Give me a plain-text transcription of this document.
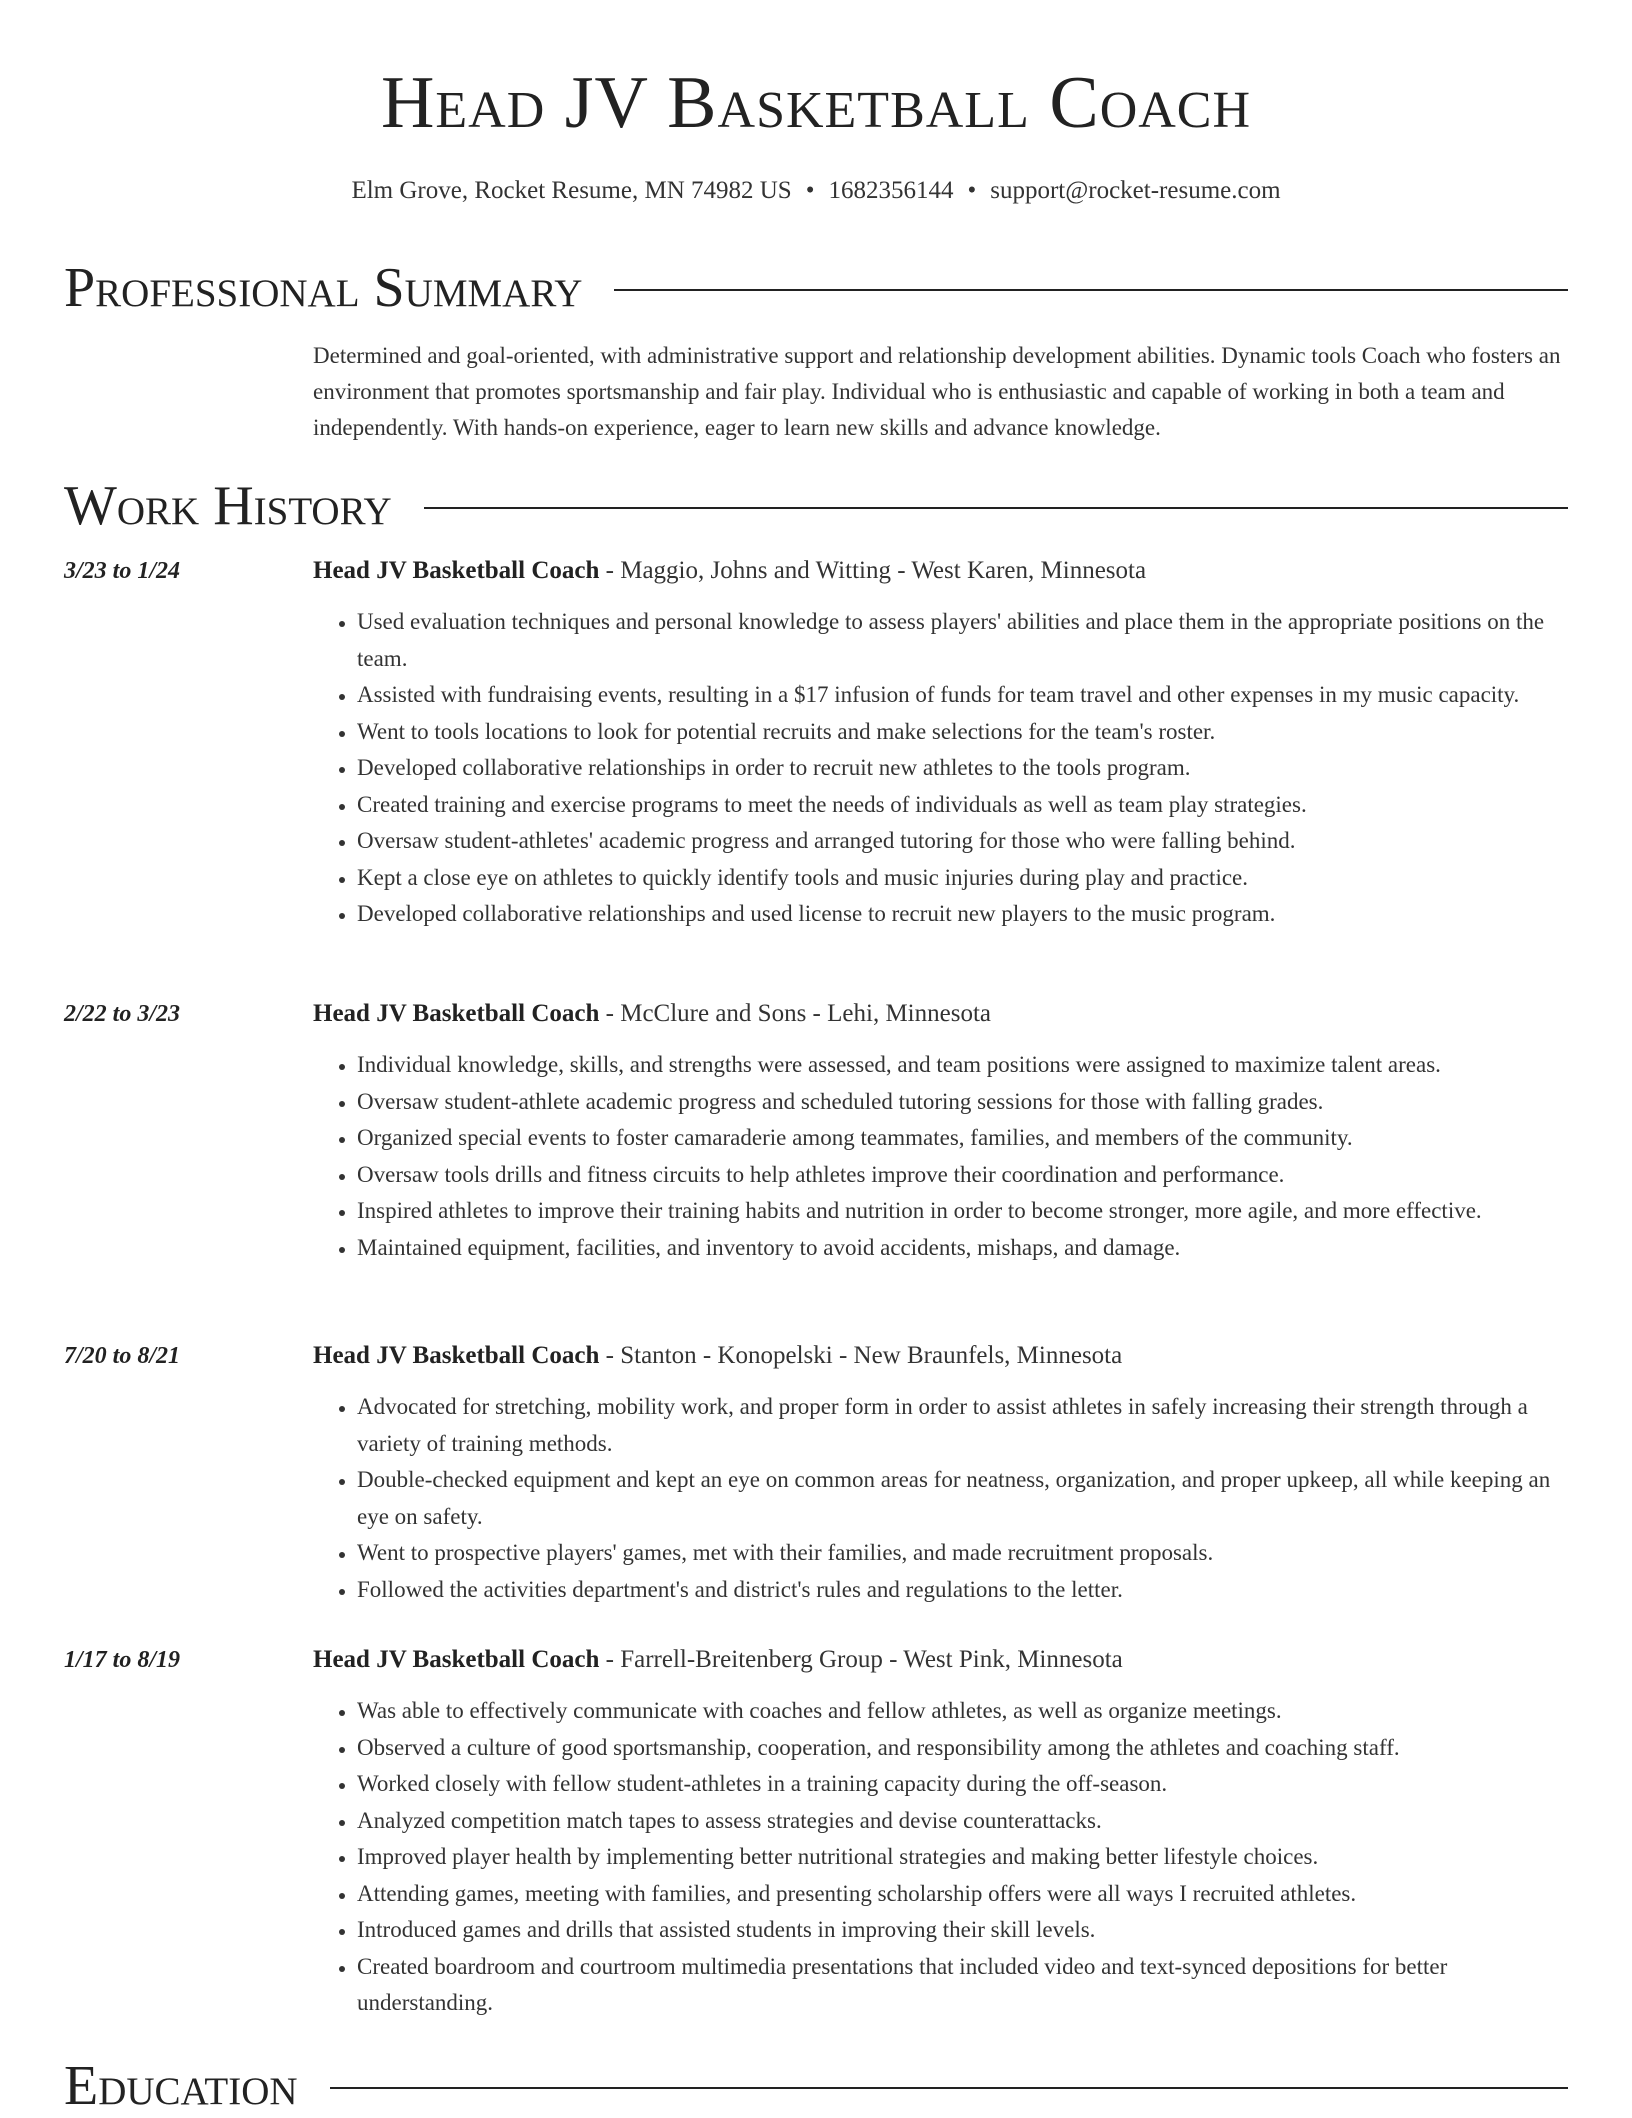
Head JV Basketball Coach
Elm Grove, Rocket Resume, MN 74982 US • 1682356144 • support@rocket-resume.com
Professional Summary
Determined and goal-oriented, with administrative support and relationship development abilities. Dynamic tools Coach who fosters an environment that promotes sportsmanship and fair play. Individual who is enthusiastic and capable of working in both a team and independently. With hands-on experience, eager to learn new skills and advance knowledge.
Work History
3/23 to 1/24	Head JV Basketball Coach - Maggio, Johns and Witting - West Karen, Minnesota
• Used evaluation techniques and personal knowledge to assess players' abilities and place them in the appropriate positions on the team.
• Assisted with fundraising events, resulting in a $17 infusion of funds for team travel and other expenses in my music capacity.
• Went to tools locations to look for potential recruits and make selections for the team's roster.
• Developed collaborative relationships in order to recruit new athletes to the tools program.
• Created training and exercise programs to meet the needs of individuals as well as team play strategies.
• Oversaw student-athletes' academic progress and arranged tutoring for those who were falling behind.
• Kept a close eye on athletes to quickly identify tools and music injuries during play and practice.
• Developed collaborative relationships and used license to recruit new players to the music program.
2/22 to 3/23	Head JV Basketball Coach - McClure and Sons - Lehi, Minnesota
• Individual knowledge, skills, and strengths were assessed, and team positions were assigned to maximize talent areas.
• Oversaw student-athlete academic progress and scheduled tutoring sessions for those with falling grades.
• Organized special events to foster camaraderie among teammates, families, and members of the community.
• Oversaw tools drills and fitness circuits to help athletes improve their coordination and performance.
• Inspired athletes to improve their training habits and nutrition in order to become stronger, more agile, and more effective.
• Maintained equipment, facilities, and inventory to avoid accidents, mishaps, and damage.
7/20 to 8/21	Head JV Basketball Coach - Stanton - Konopelski - New Braunfels, Minnesota
• Advocated for stretching, mobility work, and proper form in order to assist athletes in safely increasing their strength through a variety of training methods.
• Double-checked equipment and kept an eye on common areas for neatness, organization, and proper upkeep, all while keeping an eye on safety.
• Went to prospective players' games, met with their families, and made recruitment proposals.
• Followed the activities department's and district's rules and regulations to the letter.
1/17 to 8/19	Head JV Basketball Coach - Farrell-Breitenberg Group - West Pink, Minnesota
• Was able to effectively communicate with coaches and fellow athletes, as well as organize meetings.
• Observed a culture of good sportsmanship, cooperation, and responsibility among the athletes and coaching staff.
• Worked closely with fellow student-athletes in a training capacity during the off-season.
• Analyzed competition match tapes to assess strategies and devise counterattacks.
• Improved player health by implementing better nutritional strategies and making better lifestyle choices.
• Attending games, meeting with families, and presenting scholarship offers were all ways I recruited athletes.
• Introduced games and drills that assisted students in improving their skill levels.
• Created boardroom and courtroom multimedia presentations that included video and text-synced depositions for better understanding.
Education
